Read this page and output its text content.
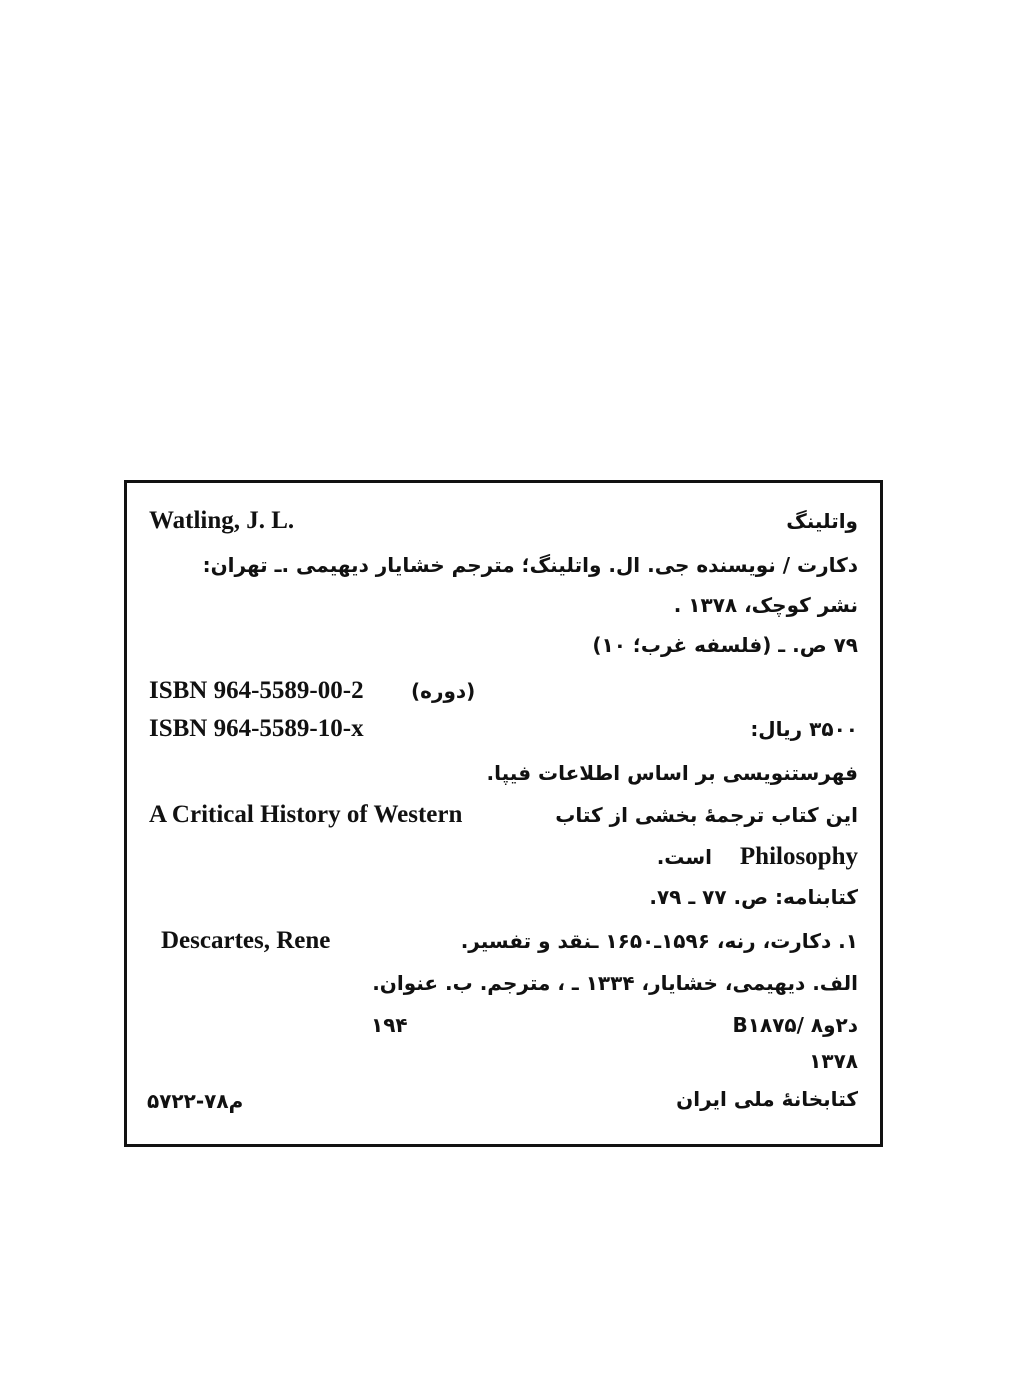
Watling, J. L.	واتلینگ
دکارت / نویسنده جی. ال. واتلینگ؛ مترجم خشایار دیهیمی .ـ تهران:
نشر کوچک، ۱۳۷۸ .
۷۹ ص. ـ (فلسفه غرب؛ ۱۰)
ISBN 964-5589-00-2 (دوره)
ISBN 964-5589-10-x	۳۵۰۰ ریال:
فهرستنویسی بر اساس اطلاعات فیپا.
A Critical History of Western	این کتاب ترجمهٔ بخشی از کتاب
Philosophy
است.
کتابنامه: ص. ۷۷ ـ ۷۹.
Descartes, Rene	۱. دکارت، رنه، ۱۵۹۶ـ۱۶۵۰ ـنقد و تفسیر.
الف. دیهیمی، خشایار، ۱۳۳۴ ـ ، مترجم. ب. عنوان.
۱۹۴	B۱۸۷۵/ ۸د۲و
۱۳۷۸
م۷۸-۵۷۲۲	کتابخانهٔ ملی ایران
